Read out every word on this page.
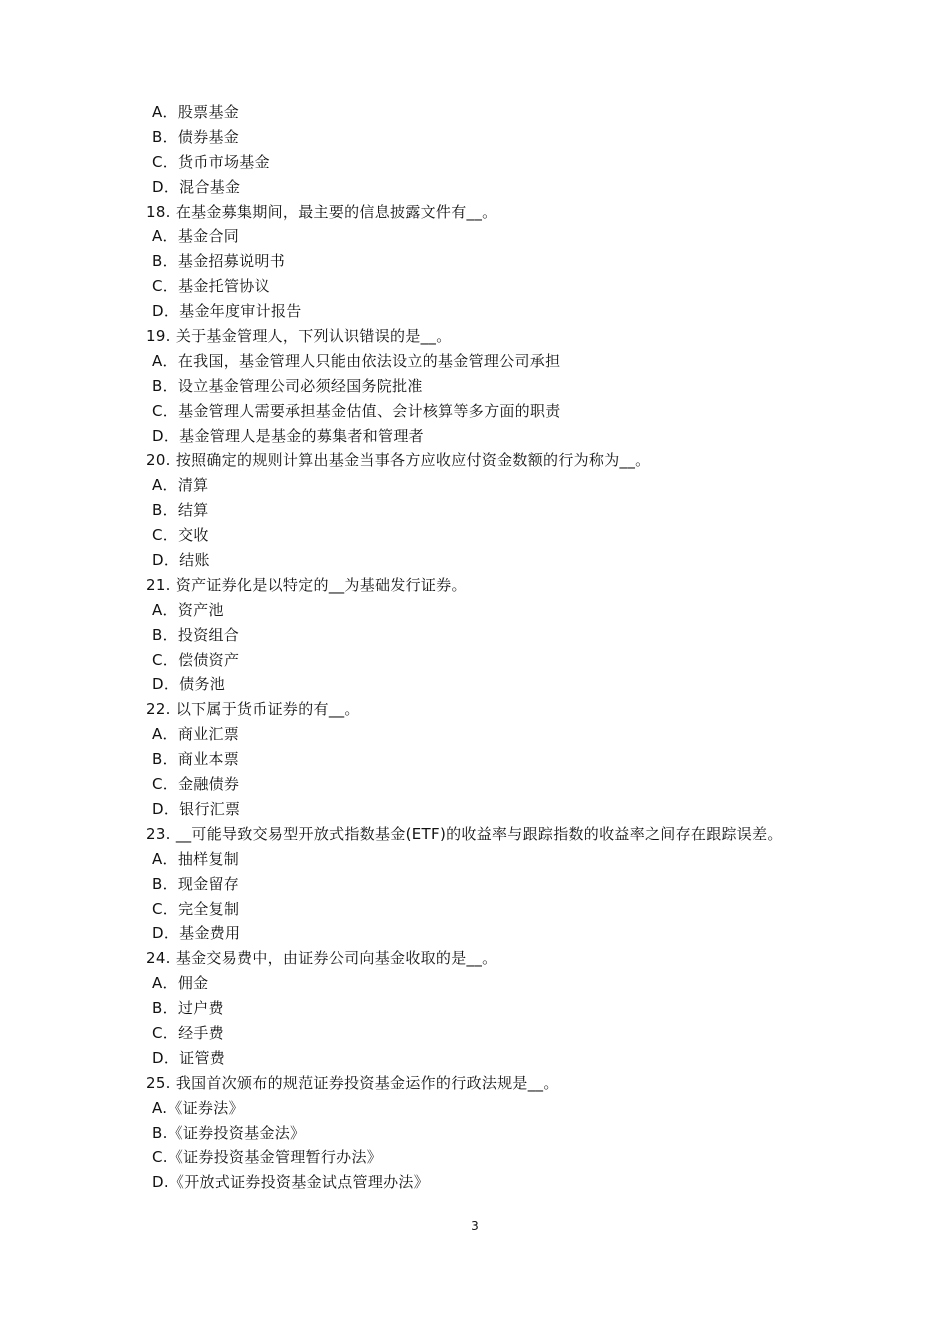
A．股票基金
B．债券基金
C．货币市场基金
D．混合基金
18. 在基金募集期间，最主要的信息披露文件有__。
A．基金合同
B．基金招募说明书
C．基金托管协议
D．基金年度审计报告
19. 关于基金管理人，下列认识错误的是__。
A．在我国，基金管理人只能由依法设立的基金管理公司承担
B．设立基金管理公司必须经国务院批准
C．基金管理人需要承担基金估值、会计核算等多方面的职责
D．基金管理人是基金的募集者和管理者
20. 按照确定的规则计算出基金当事各方应收应付资金数额的行为称为__。
A．清算
B．结算
C．交收
D．结账
21. 资产证券化是以特定的__为基础发行证券。
A．资产池
B．投资组合
C．偿债资产
D．债务池
22. 以下属于货币证券的有__。
A．商业汇票
B．商业本票
C．金融债券
D．银行汇票
23. __可能导致交易型开放式指数基金(ETF)的收益率与跟踪指数的收益率之间存在跟踪误差。
A．抽样复制
B．现金留存
C．完全复制
D．基金费用
24. 基金交易费中，由证券公司向基金收取的是__。
A．佣金
B．过户费
C．经手费
D．证管费
25. 我国首次颁布的规范证券投资基金运作的行政法规是__。
A.《证券法》
B.《证券投资基金法》
C.《证券投资基金管理暂行办法》
D.《开放式证券投资基金试点管理办法》
3
